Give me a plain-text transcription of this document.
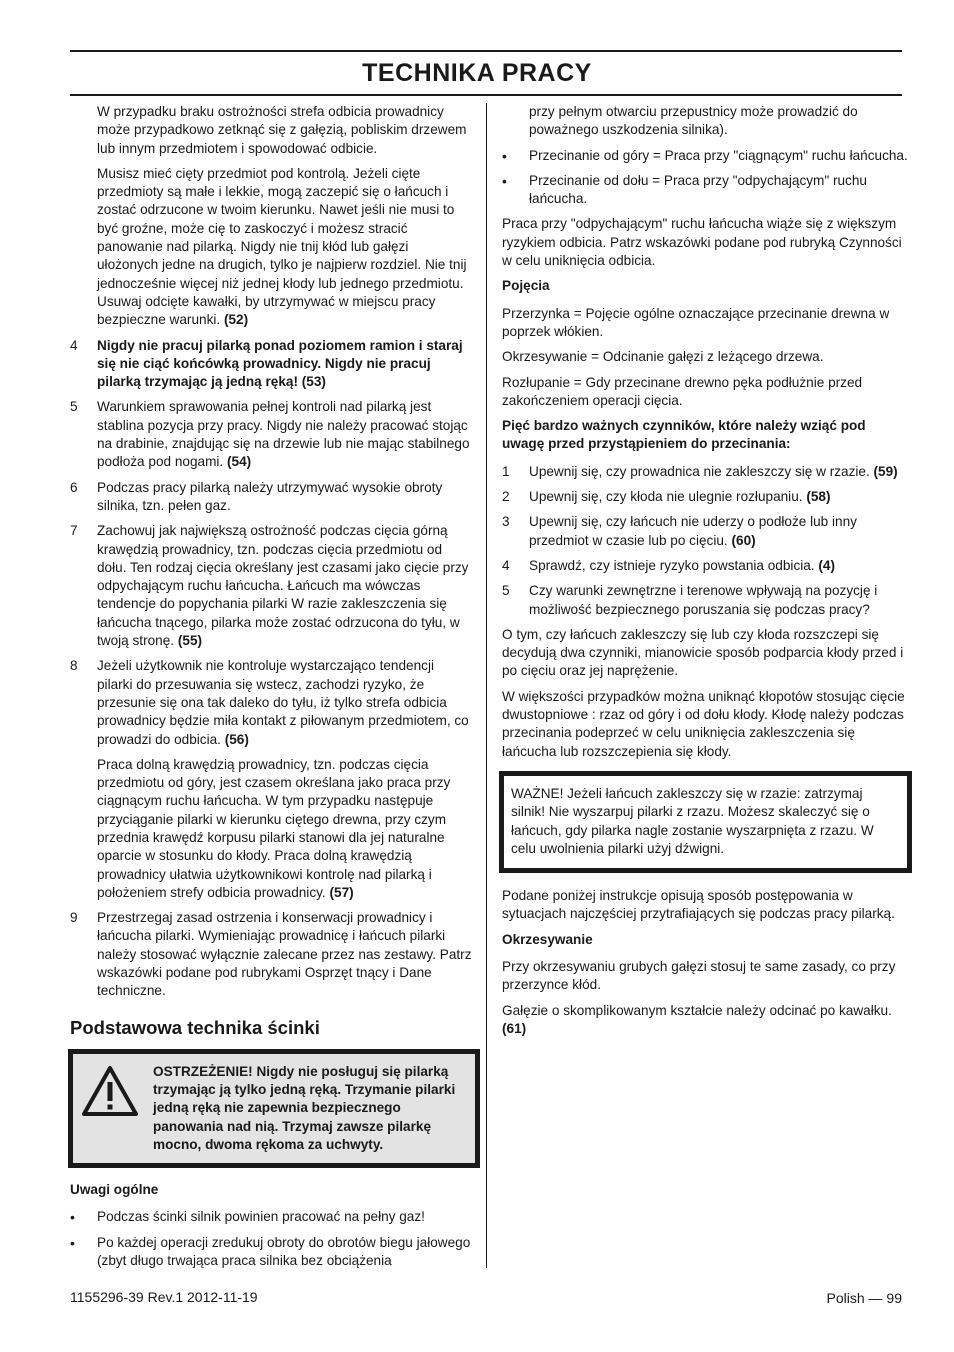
TECHNIKA PRACY

W przypadku braku ostrożności strefa odbicia prowadnicy może przypadkowo zetknąć się z gałęzią, pobliskim drzewem lub innym przedmiotem i spowodować odbicie.

Musisz mieć cięty przedmiot pod kontrolą. Jeżeli cięte przedmioty są małe i lekkie, mogą zaczepić się o łańcuch i zostać odrzucone w twoim kierunku. Nawet jeśli nie musi to być groźne, może cię to zaskoczyć i możesz stracić panowanie nad pilarką. Nigdy nie tnij kłód lub gałęzi ułożonych jedne na drugich, tylko je najpierw rozdziel. Nie tnij jednocześnie więcej niż jednej kłody lub jednego przedmiotu. Usuwaj odcięte kawałki, by utrzymywać w miejscu pracy bezpieczne warunki. (52)

4	Nigdy nie pracuj pilarką ponad poziomem ramion i staraj się nie ciąć końcówką prowadnicy. Nigdy nie pracuj pilarką trzymając ją jedną ręką! (53)
5	Warunkiem sprawowania pełnej kontroli nad pilarką jest stablina pozycja przy pracy. Nigdy nie należy pracować stojąc na drabinie, znajdując się na drzewie lub nie mając stabilnego podłoża pod nogami. (54)
6	Podczas pracy pilarką należy utrzymywać wysokie obroty silnika, tzn. pełen gaz.
7	Zachowuj jak największą ostrożność podczas cięcia górną krawędzią prowadnicy, tzn. podczas cięcia przedmiotu od dołu. Ten rodzaj cięcia określany jest czasami jako cięcie przy odpychającym ruchu łańcucha. Łańcuch ma wówczas tendencje do popychania pilarki W razie zakleszczenia się łańcucha tnącego, pilarka może zostać odrzucona do tyłu, w twoją stronę. (55)
8	Jeżeli użytkownik nie kontroluje wystarczająco tendencji pilarki do przesuwania się wstecz, zachodzi ryzyko, że przesunie się ona tak daleko do tyłu, iż tylko strefa odbicia prowadnicy będzie miła kontakt z piłowanym przedmiotem, co prowadzi do odbicia. (56)

Praca dolną krawędzią prowadnicy, tzn. podczas cięcia przedmiotu od góry, jest czasem określana jako praca przy ciągnącym ruchu łańcucha. W tym przypadku następuje przyciąganie pilarki w kierunku ciętego drewna, przy czym przednia krawędź korpusu pilarki stanowi dla jej naturalne oparcie w stosunku do kłody. Praca dolną krawędzią prowadnicy ułatwia użytkownikowi kontrolę nad pilarką i położeniem strefy odbicia prowadnicy. (57)

9	Przestrzegaj zasad ostrzenia i konserwacji prowadnicy i łańcucha pilarki. Wymieniając prowadnicę i łańcuch pilarki należy stosować wyłącznie zalecane przez nas zestawy. Patrz wskazówki podane pod rubrykami Osprzęt tnący i Dane techniczne.
Podstawowa technika ścinki
OSTRZEŻENIE! Nigdy nie posługuj się pilarką trzymając ją tylko jedną ręką. Trzymanie pilarki jedną ręką nie zapewnia bezpiecznego panowania nad nią. Trzymaj zawsze pilarkę mocno, dwoma rękoma za uchwyty.
Uwagi ogólne
•	Podczas ścinki silnik powinien pracować na pełny gaz!
•	Po każdej operacji zredukuj obroty do obrotów biegu jałowego (zbyt długo trwająca praca silnika bez obciążenia

przy pełnym otwarciu przepustnicy może prowadzić do poważnego uszkodzenia silnika).

•	Przecinanie od góry = Praca przy "ciągnącym" ruchu łańcucha.
•	Przecinanie od dołu = Praca przy "odpychającym" ruchu łańcucha.

Praca przy "odpychającym" ruchu łańcucha wiąże się z większym ryzykiem odbicia. Patrz wskazówki podane pod rubryką Czynności w celu uniknięcia odbicia.

Pojęcia

Przerzynka = Pojęcie ogólne oznaczające przecinanie drewna w poprzek włókien.

Okrzesywanie = Odcinanie gałęzi z leżącego drzewa.

Rozłupanie = Gdy przecinane drewno pęka podłużnie przed zakończeniem operacji cięcia.

Pięć bardzo ważnych czynników, które należy wziąć pod uwagę przed przystąpieniem do przecinania:
1	Upewnij się, czy prowadnica nie zakleszczy się w rzazie. (59)
2	Upewnij się, czy kłoda nie ulegnie rozłupaniu. (58)
3	Upewnij się, czy łańcuch nie uderzy o podłoże lub inny przedmiot w czasie lub po cięciu. (60)
4	Sprawdź, czy istnieje ryzyko powstania odbicia. (4)
5	Czy warunki zewnętrzne i terenowe wpływają na pozycję i możliwość bezpiecznego poruszania się podczas pracy?

O tym, czy łańcuch zakleszczy się lub czy kłoda rozszczepi się decydują dwa czynniki, mianowicie sposób podparcia kłody przed i po cięciu oraz jej naprężenie.

W większości przypadków można uniknąć kłopotów stosując cięcie dwustopniowe : rzaz od góry i od dołu kłody. Kłodę należy podczas przecinania podeprzeć w celu uniknięcia zakleszczenia się łańcucha lub rozszczepienia się kłody.

WAŻNE! Jeżeli łańcuch zakleszczy się w rzazie: zatrzymaj silnik! Nie wyszarpuj pilarki z rzazu. Możesz skaleczyć się o łańcuch, gdy pilarka nagle zostanie wyszarpnięta z rzazu. W celu uwolnienia pilarki użyj dźwigni.

Podane poniżej instrukcje opisują sposób postępowania w sytuacjach najczęściej przytrafiających się podczas pracy pilarką.

Okrzesywanie

Przy okrzesywaniu grubych gałęzi stosuj te same zasady, co przy przerzynce kłód.

Gałęzie o skomplikowanym kształcie należy odcinać po kawałku. (61)

1155296-39 Rev.1 2012-11-19	Polish — 99
